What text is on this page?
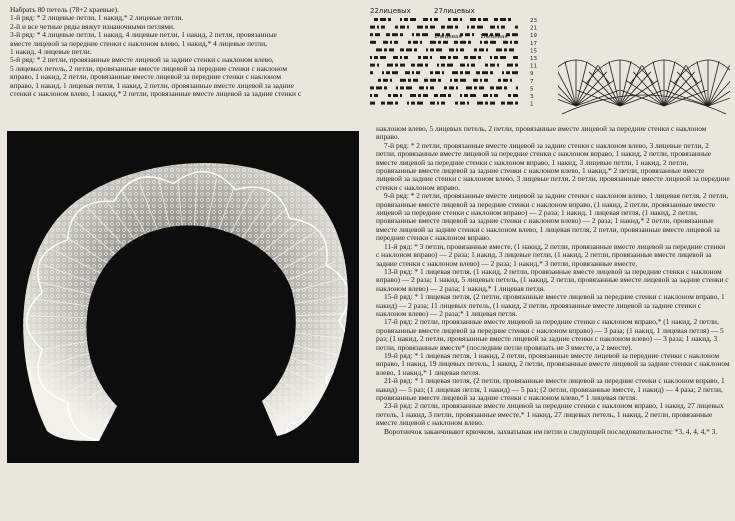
Набрать 80 петель (78+2 краевые).

1-й ряд: * 2 лицевые петли, 1 накид,* 2 лицевые петли.

2-й и все четные ряды вяжут изнаночными петлями.

3-й ряд: * 4 лицевые петли, 1 накид, 4 лицевые петли, 1 накид, 2 петли, провязанные

вместе лицевой за передние стенки с наклоном влево, 1 накид,* 4 лицевые петли,

1 накид, 4 лицевые петли.

5-й ряд: * 2 петли, провязанные вместе лицевой за задние стенки с наклоном влево,

5 лицевых петель, 2 петли, провязанные вместе лицевой за передние стенки с наклоном

вправо, 1 накид, 2 петли, провязанные вместе лицевой за передние стенки с наклоном

вправо, 1 накид, 1 лицевая петля, 1 накид, 2 петли, провязанные вместе лицевой за задние

стенки с наклоном влево, 1 накид,* 2 петли, провязанные вместе лицевой за задние стенки с

22лицевых	27лицевых
1лицевая	1лицевая
23
21
19
17
15
13
11
9
7
5
3
1

наклоном влево, 5 лицевых петель, 2 петли, провязанные вместе лицевой за передние стенки с наклоном вправо.

7-й ряд: * 2 петли, провязанные вместе лицевой за задние стенки с наклоном влево, 3 лицевые петли, 2 петли, провязанные вместе лицевой за передние стенки с наклоном вправо, 1 накид, 2 петли, провязанные вместе лицевой за передние стенки с наклоном вправо, 1 накид, 3 лицевые петли, 1 накид, 2 петли, провязанные вместе лицевой за задние стенки с наклоном влево, 1 накид,* 2 петли, провязанные вместе лицевой за задние стенки с наклоном влево, 3 лицевые петли, 2 петли, провязанные вместе лицевой за передние стенки с наклоном вправо.

9-й ряд: * 2 петли, провязанные вместе лицевой за задние стенки с наклоном влево, 1 лицевая петля, 2 петли, провязанные вместе лицевой за передние стенки с наклоном вправо, (1 накид, 2 петли, провязанные вместе лицевой за передние стенки с наклоном вправо) — 2 раза; 1 накид, 1 лицевая петля, (1 накид, 2 петли, провязанные вместе лицевой за задние стенки с наклоном влево) — 2 раза; 1 накид,* 2 петли, провязанные вместе лицевой за задние стенки с наклоном влево, 1 лицевая петля, 2 петли, провязанные вместе лицевой за передние стенки с наклоном вправо.

11-й ряд: * 3 петли, провязанные вместе, (1 накид, 2 петли, провязанные вместе лицевой за передние стенки с наклоном вправо) — 2 раза; 1 накид, 3 лицевые петли, (1 накид, 2 петли, провязанные вместе лицевой за задние стенки с наклоном влево) — 2 раза; 1 накид,* 3 петли, провязанные вместе.

13-й ряд: * 1 лицевая петля, (1 накид, 2 петли, провязанные вместе лицевой за передние стенки с наклоном вправо) — 2 раза; 1 накид, 5 лицевых петель, (1 накид, 2 петли, провязанные вместе лицевой за задние стенки с наклоном влево) — 2 раза; 1 накид,* 1 лицевая петля.

15-й ряд: * 1 лицевая петля, (2 петли, провязанные вместе лицевой за передние стенки с наклоном вправо, 1 накид) — 2 раза; 11 лицевых петель, (1 накид, 2 петли, провязанные вместе лицевой за задние стенки с наклоном влево) — 2 раза;* 1 лицевая петля.

17-й ряд: 2 петли, провязанные вместе лицевой за передние стенки с наклоном вправо,* (1 накид, 2 петли, провязанные вместе лицевой за передние стенки с наклоном вправо) — 3 раза; (1 накид, 1 лицевая петля) — 5 раз; (1 накид, 2 петли, провязанные вместе лицевой за задние стенки с наклоном влево) — 3 раза; 1 накид, 3 петли, провязанные вместе* (последние петли провязать не 3 вместе, а 2 вместе).

19-й ряд: * 1 лицевая петля, 1 накид, 2 петли, провязанные вместе лицевой за передние стенки с наклоном вправо, 1 накид, 19 лицевых петель, 1 накид, 2 петли, провязанные вместе лицевой за задние стенки с наклоном влево, 1 накид,* 1 лицевая петля.

21-й ряд: * 1 лицевая петля, (2 петли, провязанные вместе лицевой за передние стенки с наклоном вправо, 1 накид) — 5 раз; (1 лицевая петля, 1 накид) — 5 раз; (2 петли, провязанные вместе, 1 накид) — 4 раза; 2 петли, провязанные вместе лицевой за задние стенки с наклоном влево,* 1 лицевая петля.

23-й ряд: 2 петли, провязанные вместе лицевой за передние стенки с наклоном вправо, 1 накид, 27 лицевых петель, 1 накид, 3 петли, провязанные вместе,* 1 накид, 27 лицевых петель, 1 накид, 2 петли, провязанные вместе лицевой с наклоном влево.

Воротничок заканчивают крючком, захватывая им петли в следующей последовательности: *3, 4, 4, 4,* 3.
